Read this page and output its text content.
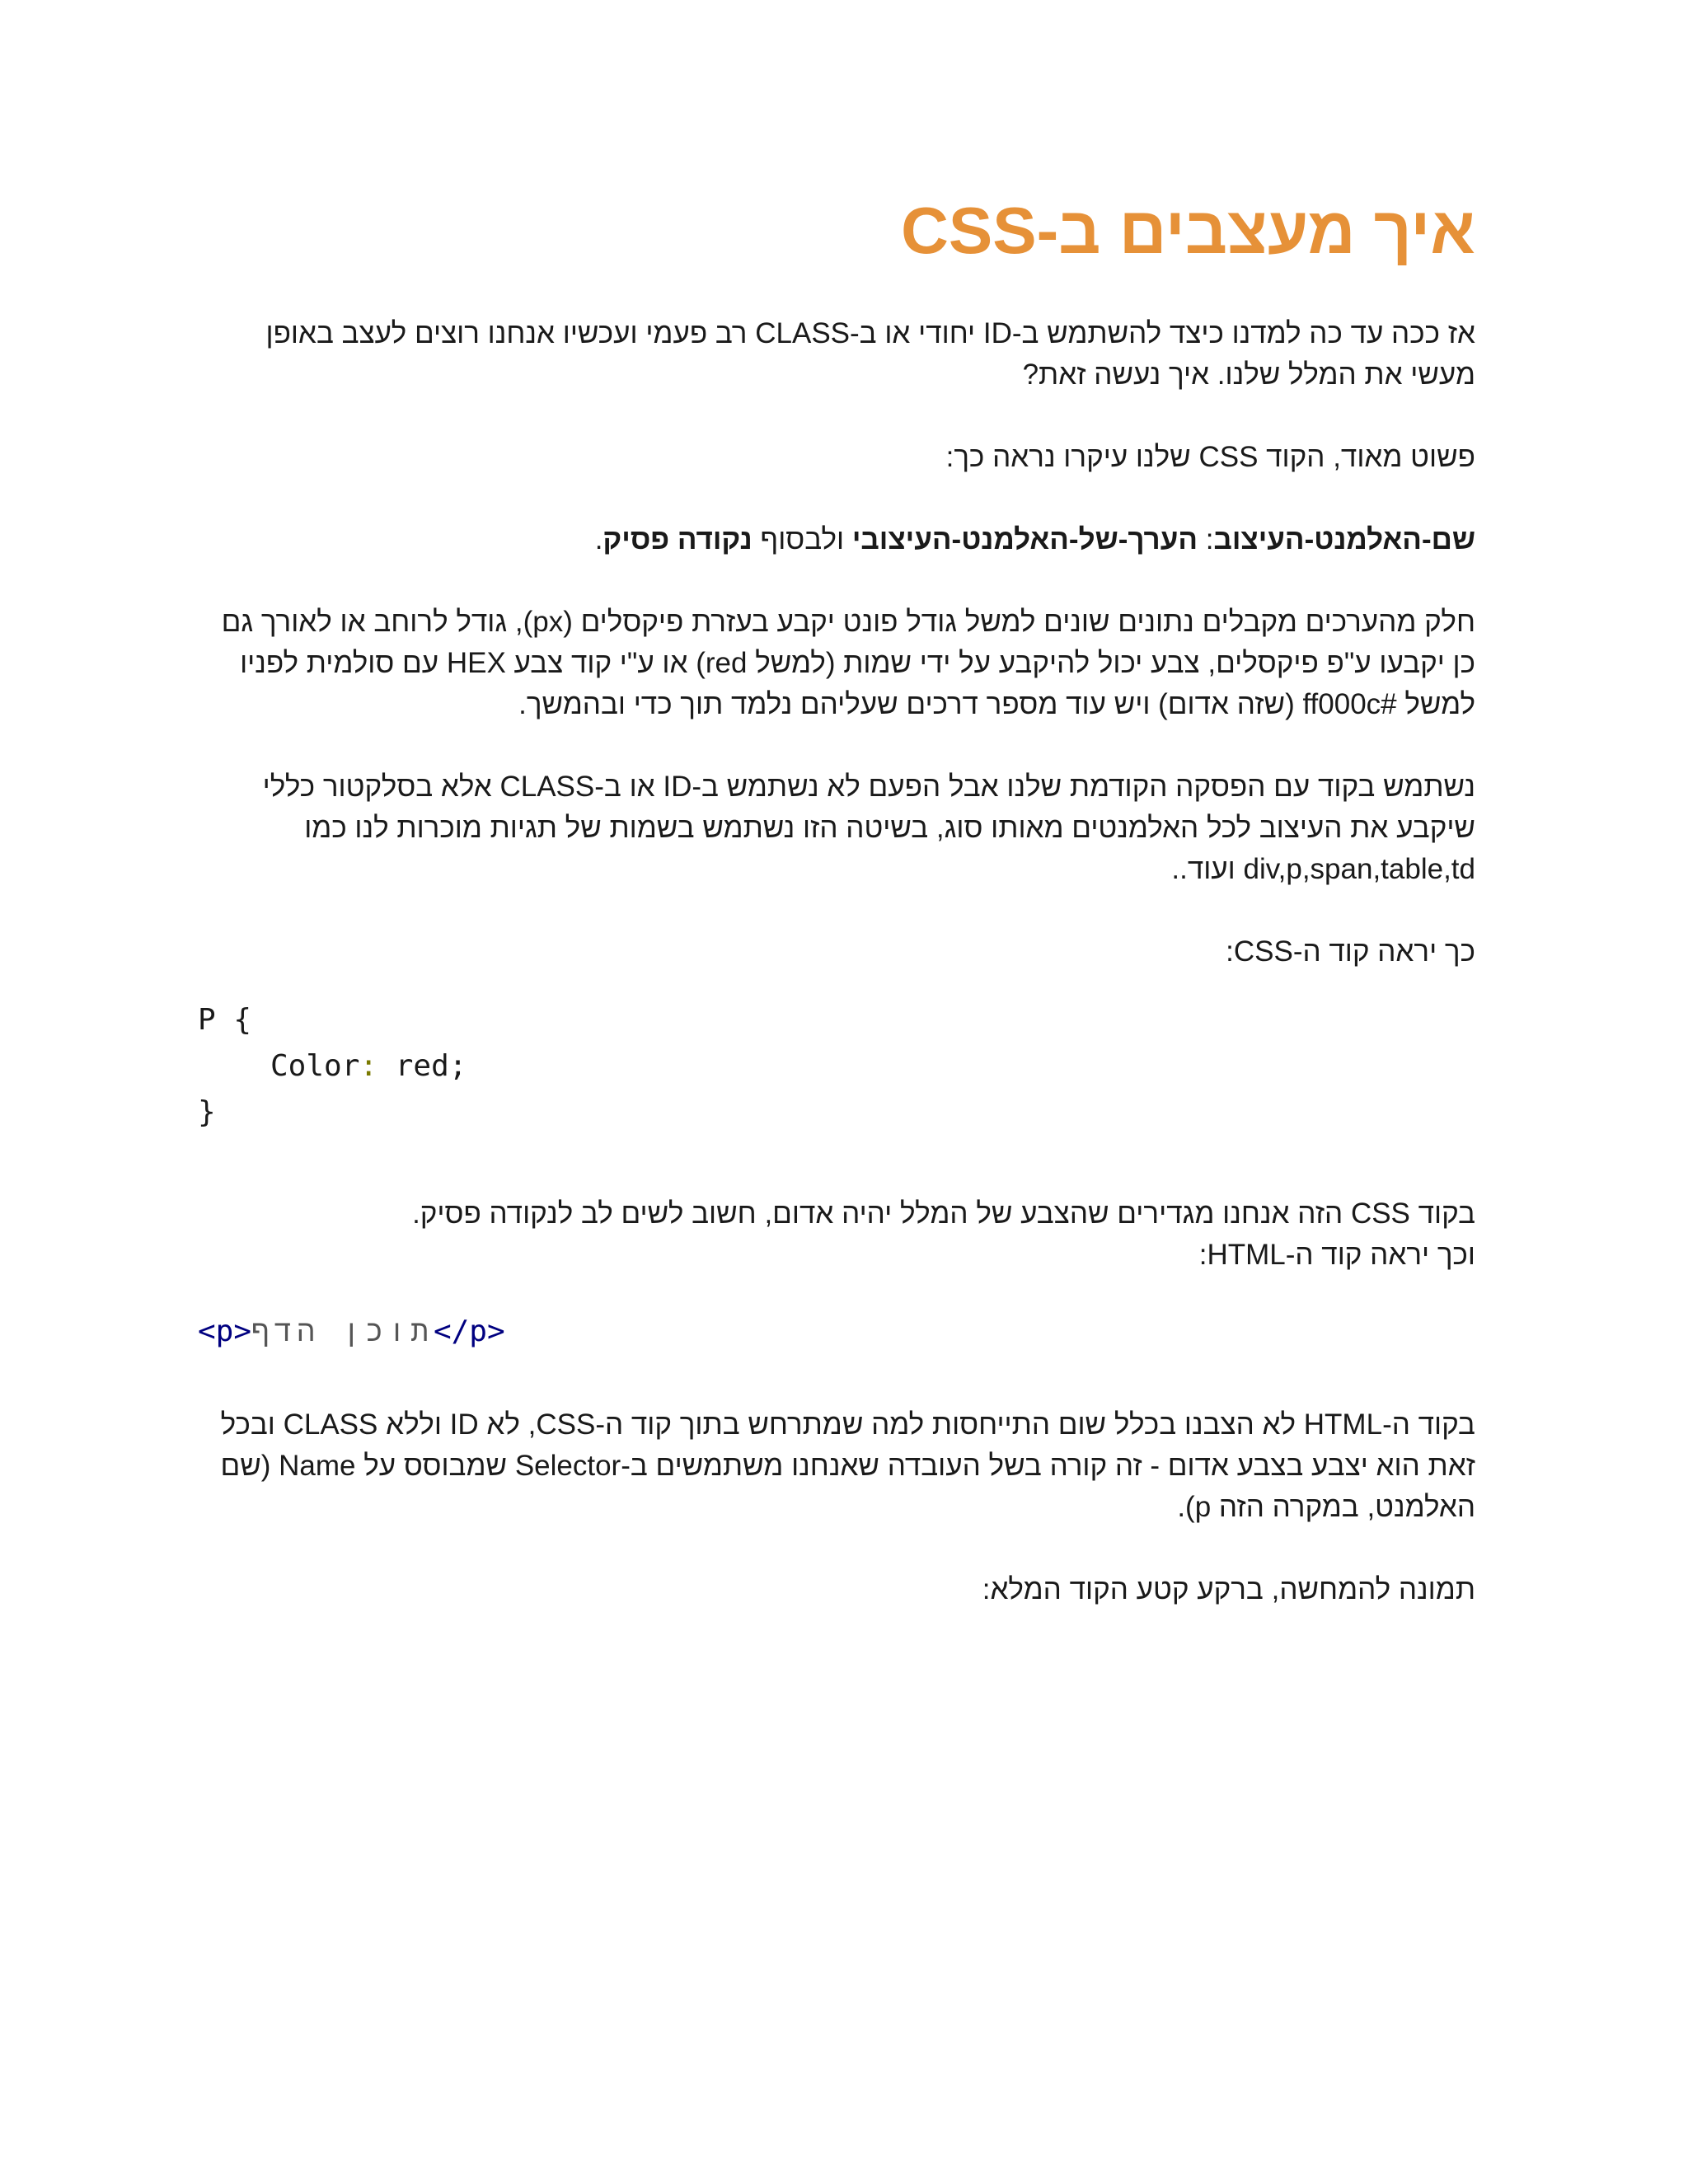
איך מעצבים ב-CSS

אז ככה עד כה למדנו כיצד להשתמש ב-ID יחודי או ב-CLASS רב פעמי ועכשיו אנחנו רוצים לעצב באופן מעשי את המלל שלנו. איך נעשה זאת?

פשוט מאוד, הקוד CSS שלנו עיקרו נראה כך:

שם-האלמנט-העיצוב: הערך-של-האלמנט-העיצובי ולבסוף נקודה פסיק.

חלק מהערכים מקבלים נתונים שונים למשל גודל פונט יקבע בעזרת פיקסלים (px), גודל לרוחב או לאורך גם כן יקבעו ע"פ פיקסלים, צבע יכול להיקבע על ידי שמות (למשל red) או ע"י קוד צבע HEX עם סולמית לפניו למשל #ff000c (שזה אדום) ויש עוד מספר דרכים שעליהם נלמד תוך כדי ובהמשך.

נשתמש בקוד עם הפסקה הקודמת שלנו אבל הפעם לא נשתמש ב-ID או ב-CLASS אלא בסלקטור כללי שיקבע את העיצוב לכל האלמנטים מאותו סוג, בשיטה הזו נשתמש בשמות של תגיות מוכרות לנו כמו
div,p,span,table,td ועוד..

כך יראה קוד ה-CSS:

P {
Color: red;
}

בקוד CSS הזה אנחנו מגדירים שהצבע של המלל יהיה אדום, חשוב לשים לב לנקודה פסיק.

וכך יראה קוד ה-HTML:

<p>תוכן הדף</p>

בקוד ה-HTML לא הצבנו בכלל שום התייחסות למה שמתרחש בתוך קוד ה-CSS, לא ID וללא CLASS ובכל זאת הוא יצבע בצבע אדום - זה קורה בשל העובדה שאנחנו משתמשים ב-Selector שמבוסס על Name (שם האלמנט, במקרה הזה p).

תמונה להמחשה, ברקע קטע הקוד המלא:
